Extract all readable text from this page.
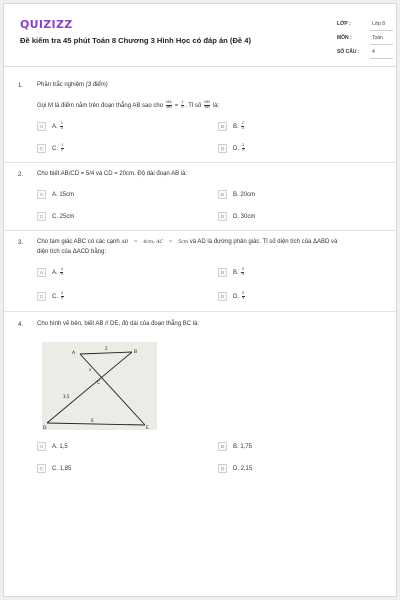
QUIZIZZ
Đề kiểm tra 45 phút Toán 8 Chương 3 Hình Học có đáp án (Đề 4)
LỚP :	Lớp 8
MÔN :	Toán
SỐ CÂU :	4
1. Phần trắc nghiệm (3 điểm)
Gọi M là điểm nằm trên đoạn thẳng AB sao cho $\frac{MA}{MB} = \frac{1}{2}$ . Tỉ số $\frac{MB}{AB}$ là:
A	A.
$\frac{1}{3}$	B	B.
$\frac{2}{3}$
C	C.
$\frac{1}{2}$	D	D.
$\frac{3}{2}$
2. Cho biết AB/CD = 5/4 và CD = 20cm. Độ dài đoạn AB là:
A	A. 15cm	B	B. 20cm
C	C. 25cm	D	D. 30cm
3. Cho tam giác ABC có các cạnh AB = 4cm; AC = 5cm và AD là đường phân giác. Tỉ số diện tích của ΔABD và
diện tích của ΔACD bằng:
A	A.
$\frac{4}{5}$	B	B.
$\frac{5}{4}$
C	C.
$\frac{4}{9}$	D	D.
$\frac{5}{9}$
4. Cho hình vẽ bên, biết AB // DE, độ dài của đoạn thẳng BC là:
A	B
C
D	E
2
x
3,5
6
A	A. 1,5	B	B. 1,75
C	C. 1,85	D	D. 2,15
